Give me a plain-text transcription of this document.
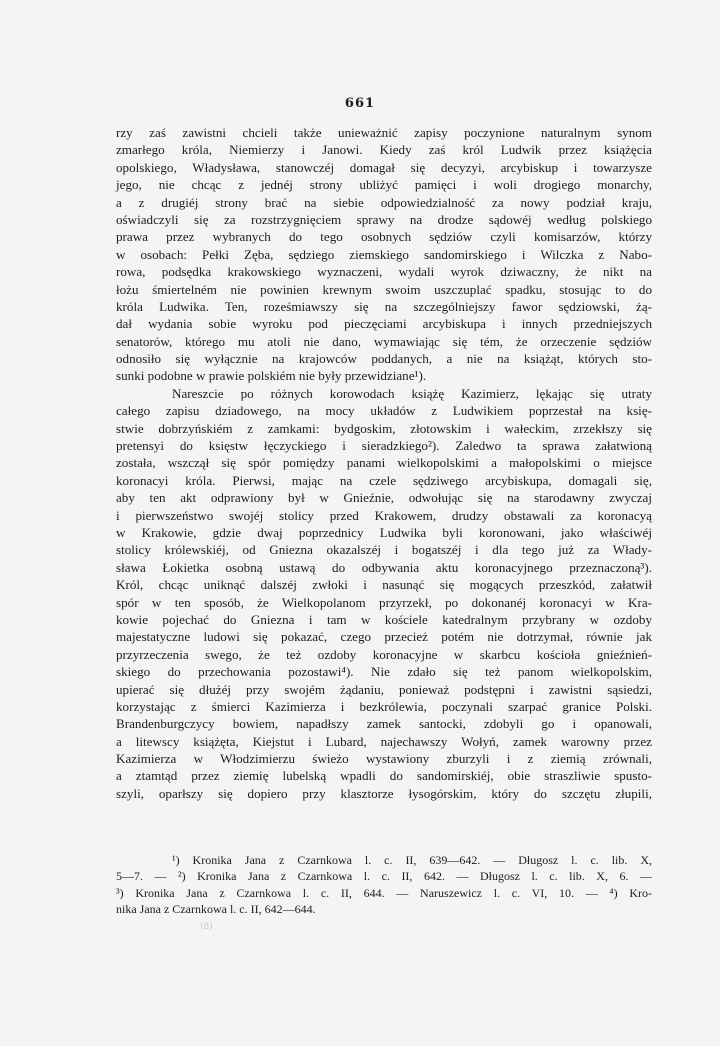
661
rzy zaś zawistni chcieli także unieważnić zapisy poczynione naturalnym synom
zmarłego króla, Niemierzy i Janowi. Kiedy zaś król Ludwik przez książęcia
opolskiego, Władysława, stanowczéj domagał się decyzyi, arcybiskup i towarzysze
jego, nie chcąc z jednéj strony ubliżyć pamięci i woli drogiego monarchy,
a z drugiéj strony brać na siebie odpowiedzialność za nowy podział kraju,
oświadczyli się za rozstrzygnięciem sprawy na drodze sądowéj według polskiego
prawa przez wybranych do tego osobnych sędziów czyli komisarzów, którzy
w osobach: Pełki Zęba, sędziego ziemskiego sandomirskiego i Wilczka z Nabo-
rowa, podsędka krakowskiego wyznaczeni, wydali wyrok dziwaczny, że nikt na
łożu śmiertelném nie powinien krewnym swoim uszczuplać spadku, stosując to do
króla Ludwika. Ten, roześmiawszy się na szczególniejszy fawor sędziowski, żą-
dał wydania sobie wyroku pod pieczęciami arcybiskupa i innych przedniejszych
senatorów, którego mu atoli nie dano, wymawiając się tém, że orzeczenie sędziów
odnosiło się wyłącznie na krajowców poddanych, a nie na książąt, których sto-
sunki podobne w prawie polskiém nie były przewidziane¹).
Nareszcie po różnych korowodach książę Kazimierz, lękając się utraty
całego zapisu dziadowego, na mocy układów z Ludwikiem poprzestał na księ-
stwie dobrzyńskiém z zamkami: bydgoskim, złotowskim i wałeckim, zrzekłszy się
pretensyi do księstw łęczyckiego i sieradzkiego²). Zaledwo ta sprawa załatwioną
została, wszczął się spór pomiędzy panami wielkopolskimi a małopolskimi o miejsce
koronacyi króla. Pierwsi, mając na czele sędziwego arcybiskupa, domagali się,
aby ten akt odprawiony był w Gnieźnie, odwołując się na starodawny zwyczaj
i pierwszeństwo swojéj stolicy przed Krakowem, drudzy obstawali za koronacyą
w Krakowie, gdzie dwaj poprzednicy Ludwika byli koronowani, jako właściwéj
stolicy królewskiéj, od Gniezna okazalszéj i bogatszéj i dla tego już za Włady-
sława Łokietka osobną ustawą do odbywania aktu koronacyjnego przeznaczoną³).
Król, chcąc uniknąć dalszéj zwłoki i nasunąć się mogących przeszkód, załatwił
spór w ten sposób, że Wielkopolanom przyrzekł, po dokonanéj koronacyi w Kra-
kowie pojechać do Gniezna i tam w kościele katedralnym przybrany w ozdoby
majestatyczne ludowi się pokazać, czego przecież potém nie dotrzymał, równie jak
przyrzeczenia swego, że też ozdoby koronacyjne w skarbcu kościoła gnieźnień-
skiego do przechowania pozostawi⁴). Nie zdało się też panom wielkopolskim,
upierać się dłużéj przy swojém żądaniu, ponieważ podstępni i zawistni sąsiedzi,
korzystając z śmierci Kazimierza i bezkrólewia, poczynali szarpać granice Polski.
Brandenburgczycy bowiem, napadłszy zamek santocki, zdobyli go i opanowali,
a litewscy książęta, Kiejstut i Lubard, najechawszy Wołyń, zamek warowny przez
Kazimierza w Włodzimierzu świeżo wystawiony zburzyli i z ziemią zrównali,
a ztamtąd przez ziemię lubelską wpadli do sandomirskiéj, obie straszliwie spusto-
szyli, oparłszy się dopiero przy klasztorze łysogórskim, który do szczętu złupili,
¹) Kronika Jana z Czarnkowa l. c. II, 639—642. — Długosz l. c. lib. X,
5—7. — ²) Kronika Jana z Czarnkowa l. c. II, 642. — Długosz l. c. lib. X, 6. —
³) Kronika Jana z Czarnkowa l. c. II, 644. — Naruszewicz l. c. VI, 10. — ⁴) Kro-
nika Jana z Czarnkowa l. c. II, 642—644.
(8)
